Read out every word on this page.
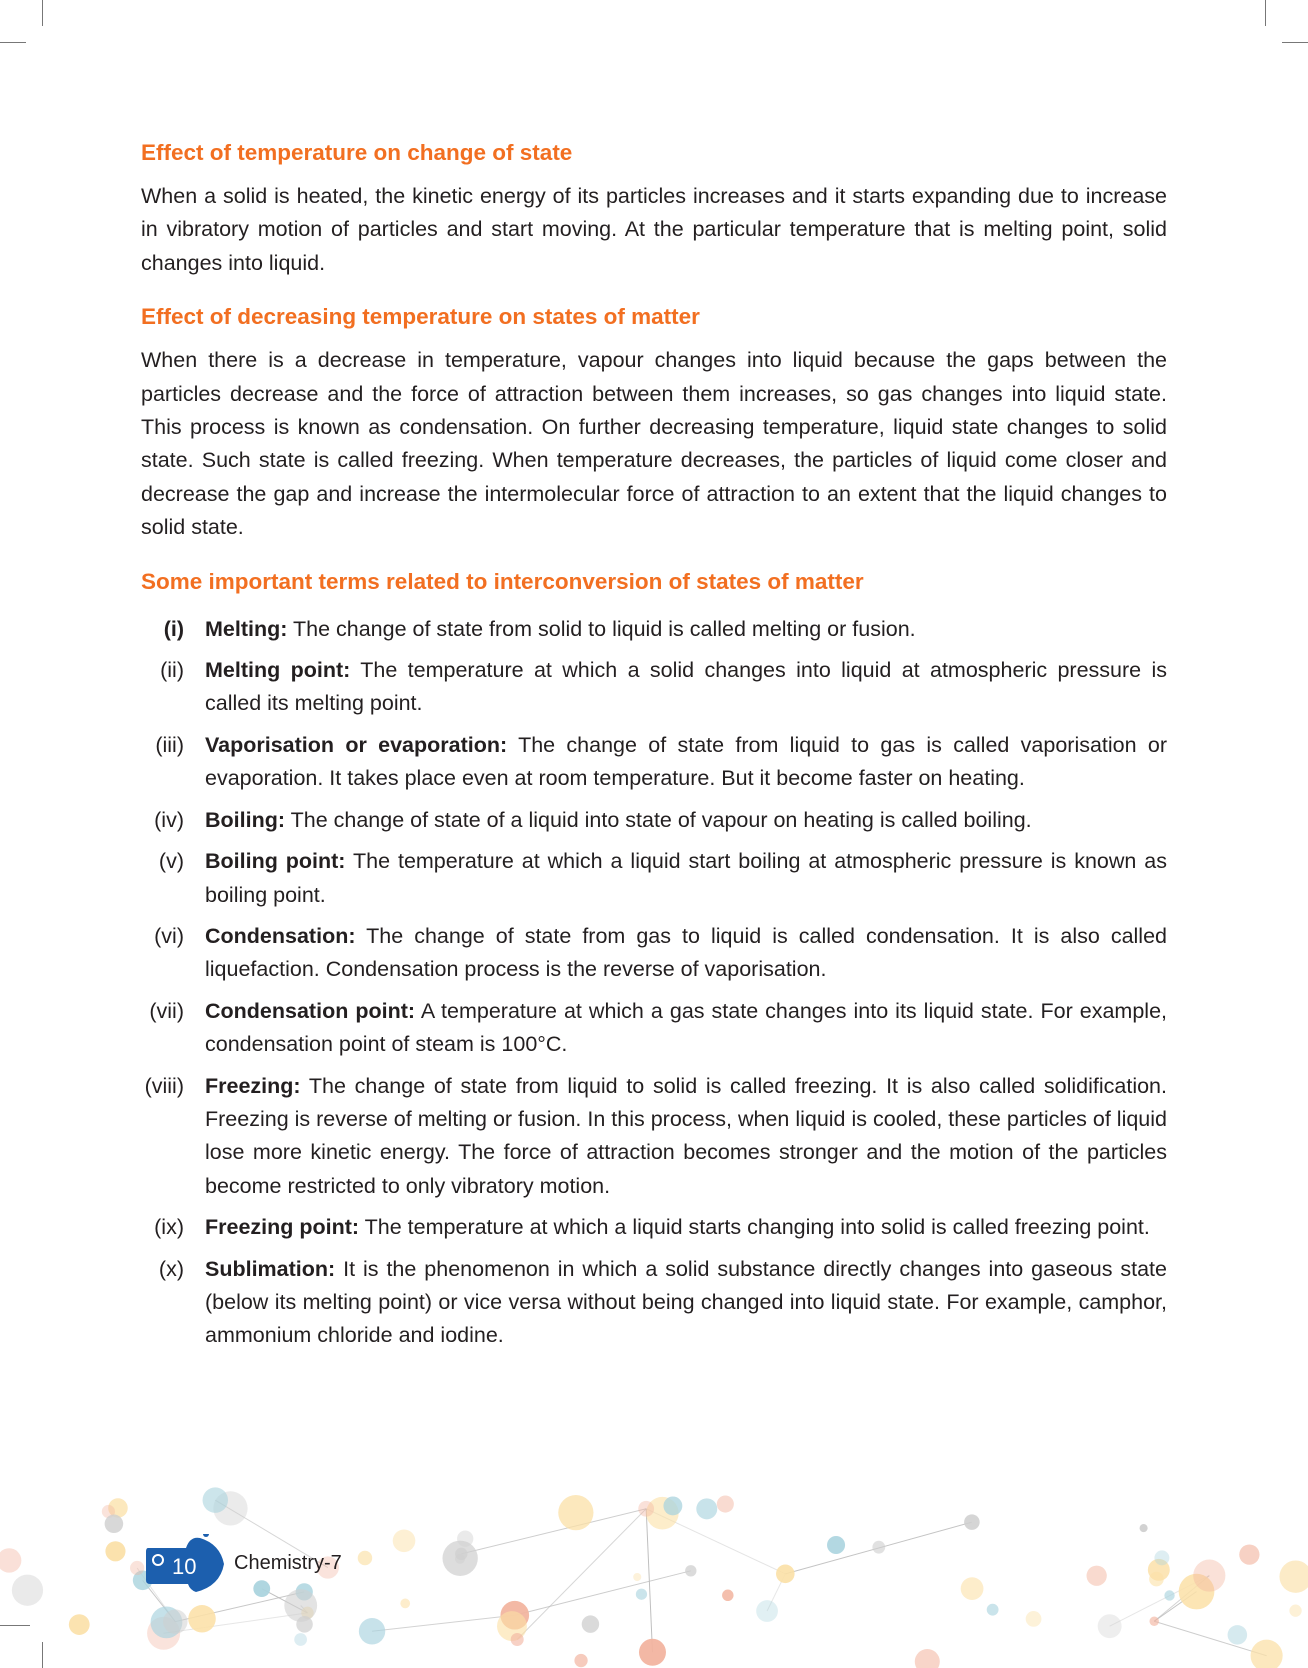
Effect of temperature on change of state

When a solid is heated, the kinetic energy of its particles increases and it starts expanding due to increase in vibratory motion of particles and start moving. At the particular temperature that is melting point, solid changes into liquid.

Effect of decreasing temperature on states of matter

When there is a decrease in temperature, vapour changes into liquid because the gaps between the particles decrease and the force of attraction between them increases, so gas changes into liquid state. This process is known as condensation. On further decreasing temperature, liquid state changes to solid state. Such state is called freezing. When temperature decreases, the particles of liquid come closer and decrease the gap and increase the intermolecular force of attraction to an extent that the liquid changes to solid state.

Some important terms related to interconversion of states of matter
(i) Melting: The change of state from solid to liquid is called melting or fusion.
(ii) Melting point: The temperature at which a solid changes into liquid at atmospheric pressure is called its melting point.
(iii) Vaporisation or evaporation: The change of state from liquid to gas is called vaporisation or evaporation. It takes place even at room temperature. But it become faster on heating.
(iv) Boiling: The change of state of a liquid into state of vapour on heating is called boiling.
(v) Boiling point: The temperature at which a liquid start boiling at atmospheric pressure is known as boiling point.
(vi) Condensation: The change of state from gas to liquid is called condensation. It is also called liquefaction. Condensation process is the reverse of vaporisation.
(vii) Condensation point: A temperature at which a gas state changes into its liquid state. For example, condensation point of steam is 100°C.
(viii) Freezing: The change of state from liquid to solid is called freezing. It is also called solidification. Freezing is reverse of melting or fusion. In this process, when liquid is cooled, these particles of liquid lose more kinetic energy. The force of attraction becomes stronger and the motion of the particles become restricted to only vibratory motion.
(ix) Freezing point: The temperature at which a liquid starts changing into solid is called freezing point.
(x) Sublimation: It is the phenomenon in which a solid substance directly changes into gaseous state (below its melting point) or vice versa without being changed into liquid state. For example, camphor, ammonium chloride and iodine.
10 Chemistry-7
